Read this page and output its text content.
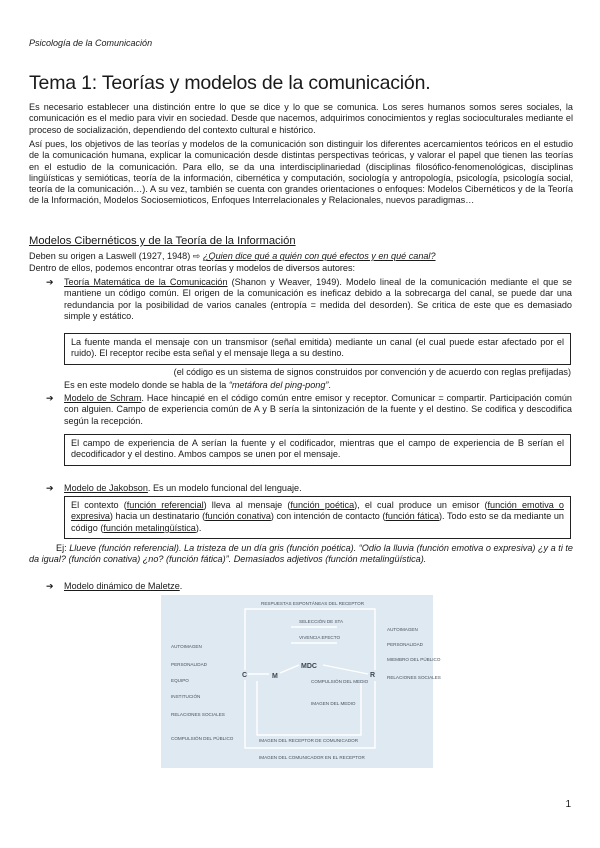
Psicología de la Comunicación
Tema 1: Teorías y modelos de la comunicación.

Es necesario establecer una distinción entre lo que se dice y lo que se comunica. Los seres humanos somos seres sociales, la comunicación es el medio para vivir en sociedad. Desde que nacemos, adquirimos conocimientos y reglas socioculturales mediante el proceso de socialización, dependiendo del contexto cultural e histórico.

Así pues, los objetivos de las teorías y modelos de la comunicación son distinguir los diferentes acercamientos teóricos en el estudio de la comunicación humana, explicar la comunicación desde distintas perspectivas teóricas, y valorar el papel que tienen las teorías en el estudio de la comunicación. Para ello, se da una interdisciplinariedad (disciplinas filosófico-fenomenológicas, disciplinas lingüísticas y semióticas, teoría de la información, cibernética y computación, sociología y antropología, psicología, psicología social, teoría de la comunicación…). A su vez, también se cuenta con grandes orientaciones o enfoques: Modelos Cibernéticos y de la Teoría de la Información, Modelos Sociosemioticos, Enfoques Interrelacionales y Relacionales, nuevos paradigmas…

Modelos Cibernéticos y de la Teoría de la Información

Deben su origen a Laswell (1927, 1948) ⇨ ¿Quien dice qué a quién con qué efectos y en qué canal?

Dentro de ellos, podemos encontrar otras teorías y modelos de diversos autores:

➔ Teoría Matemática de la Comunicación (Shanon y Weaver, 1949). Modelo lineal de la comunicación mediante el que se mantiene un código común. El origen de la comunicación es ineficaz debido a la sobrecarga del canal, se puede dar una redundancia por la posibilidad de varios canales (entropía = medida del desorden). Se critica de este que es demasiado simple y estático.
La fuente manda el mensaje con un transmisor (señal emitida) mediante un canal (el cual puede estar afectado por el ruido). El receptor recibe esta señal y el mensaje llega a su destino.
(el código es un sistema de signos construidos por convención y de acuerdo con reglas prefijadas)

Es en este modelo donde se habla de la “metáfora del ping-pong”.

➔ Modelo de Schram. Hace hincapié en el código común entre emisor y receptor. Comunicar = compartir. Participación común con alguien. Campo de experiencia común de A y B sería la sintonización de la fuente y el destino. Se codifica y descodifica según la recepción.
El campo de experiencia de A serían la fuente y el codificador, mientras que el campo de experiencia de B serían el decodificador y el destino. Ambos campos se unen por el mensaje.
➔ Modelo de Jakobson. Es un modelo funcional del lenguaje.
El contexto (función referencial) lleva al mensaje (función poética), el cual produce un emisor (función emotiva o expresiva) hacia un destinatario (función conativa) con intención de contacto (función fática). Todo esto se da mediante un código (función metalingüística).
Ej: Llueve (función referencial). La tristeza de un día gris (función poética). “Odio la lluvia (función emotiva o expresiva) ¿y a ti te da igual? (función conativa) ¿no? (función fática)”. Demasiados adjetivos (función metalingüística).
➔ Modelo dinámico de Maletze.
RESPUESTAS ESPONTÁNEAS DEL RECEPTOR
AUTOIMAGEN
PERSONALIDAD
EQUIPO
INSTITUCIÓN
RELACIONES SOCIALES
COMPULSIÓN DEL PÚBLICO
AUTOIMAGEN
PERSONALIDAD
MIEMBRO DEL PÚBLICO
RELACIONES SOCIALES
SELECCIÓN DE STA
VIVENCIA EFECTO
COMPULSIÓN DEL MEDIO
IMAGEN DEL MEDIO
IMAGEN DEL RECEPTOR DE COMUNICADOR
IMAGEN DEL COMUNICADOR EN EL RECEPTOR
C	M
MDC
R
1
